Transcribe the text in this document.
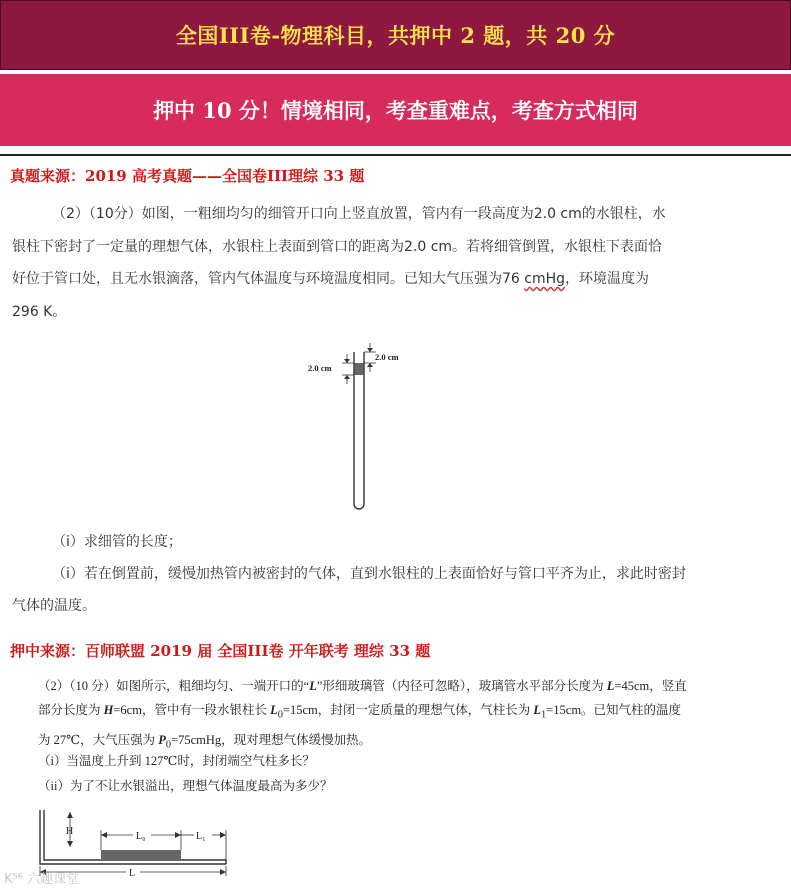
全国III卷-物理科目，共押中 2 题，共 20 分
押中 10 分！情境相同，考查重难点，考查方式相同
真题来源：2019 高考真题——全国卷III理综 33 题

（2）（10分）如图，一粗细均匀的细管开口向上竖直放置，管内有一段高度为2.0 cm的水银柱，水银柱下密封了一定量的理想气体，水银柱上表面到管口的距离为2.0 cm。若将细管倒置，水银柱下表面恰好位于管口处，且无水银滴落，管内气体温度与环境温度相同。已知大气压强为76 cmHg，环境温度为296 K。

2.0 cm
2.0 cm

（i）求细管的长度；

（i）若在倒置前，缓慢加热管内被密封的气体，直到水银柱的上表面恰好与管口平齐为止，求此时密封气体的温度。

押中来源：百师联盟 2019 届 全国III卷 开年联考 理综 33 题

（2）（10 分）如图所示，粗细均匀、一端开口的“L”形细玻璃管（内径可忽略），玻璃管水平部分长度为 L=45cm，竖直部分长度为 H=6cm，管中有一段水银柱长 $L_0=15cm$，封闭一定质量的理想气体，气柱长为 $L_1=15cm$。已知气柱的温度为 27℃，大气压强为 $P_0=75cmHg$，现对理想气体缓慢加热。

（i）当温度上升到 127℃时，封闭端空气柱多长？
（ii）为了不让水银溢出，理想气体温度最高为多少？
H	L₀	L₁
L
K⁵⁶ 六趣课堂
